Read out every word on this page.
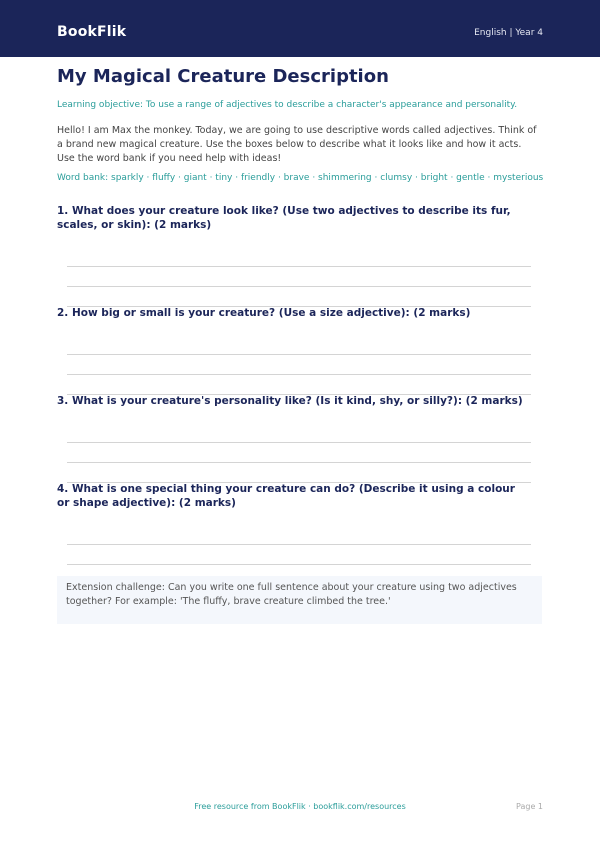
BookFlik	English | Year 4
My Magical Creature Description
Learning objective: To use a range of adjectives to describe a character's appearance and personality.
Hello! I am Max the monkey. Today, we are going to use descriptive words called adjectives. Think of a brand new magical creature. Use the boxes below to describe what it looks like and how it acts. Use the word bank if you need help with ideas!
Word bank: sparkly · fluffy · giant · tiny · friendly · brave · shimmering · clumsy · bright · gentle · mysterious
1. What does your creature look like? (Use two adjectives to describe its fur, scales, or skin): (2 marks)
2. How big or small is your creature? (Use a size adjective): (2 marks)
3. What is your creature's personality like? (Is it kind, shy, or silly?): (2 marks)
4. What is one special thing your creature can do? (Describe it using a colour or shape adjective): (2 marks)
Extension challenge: Can you write one full sentence about your creature using two adjectives together? For example: 'The fluffy, brave creature climbed the tree.'
Free resource from BookFlik · bookflik.com/resources	Page 1
